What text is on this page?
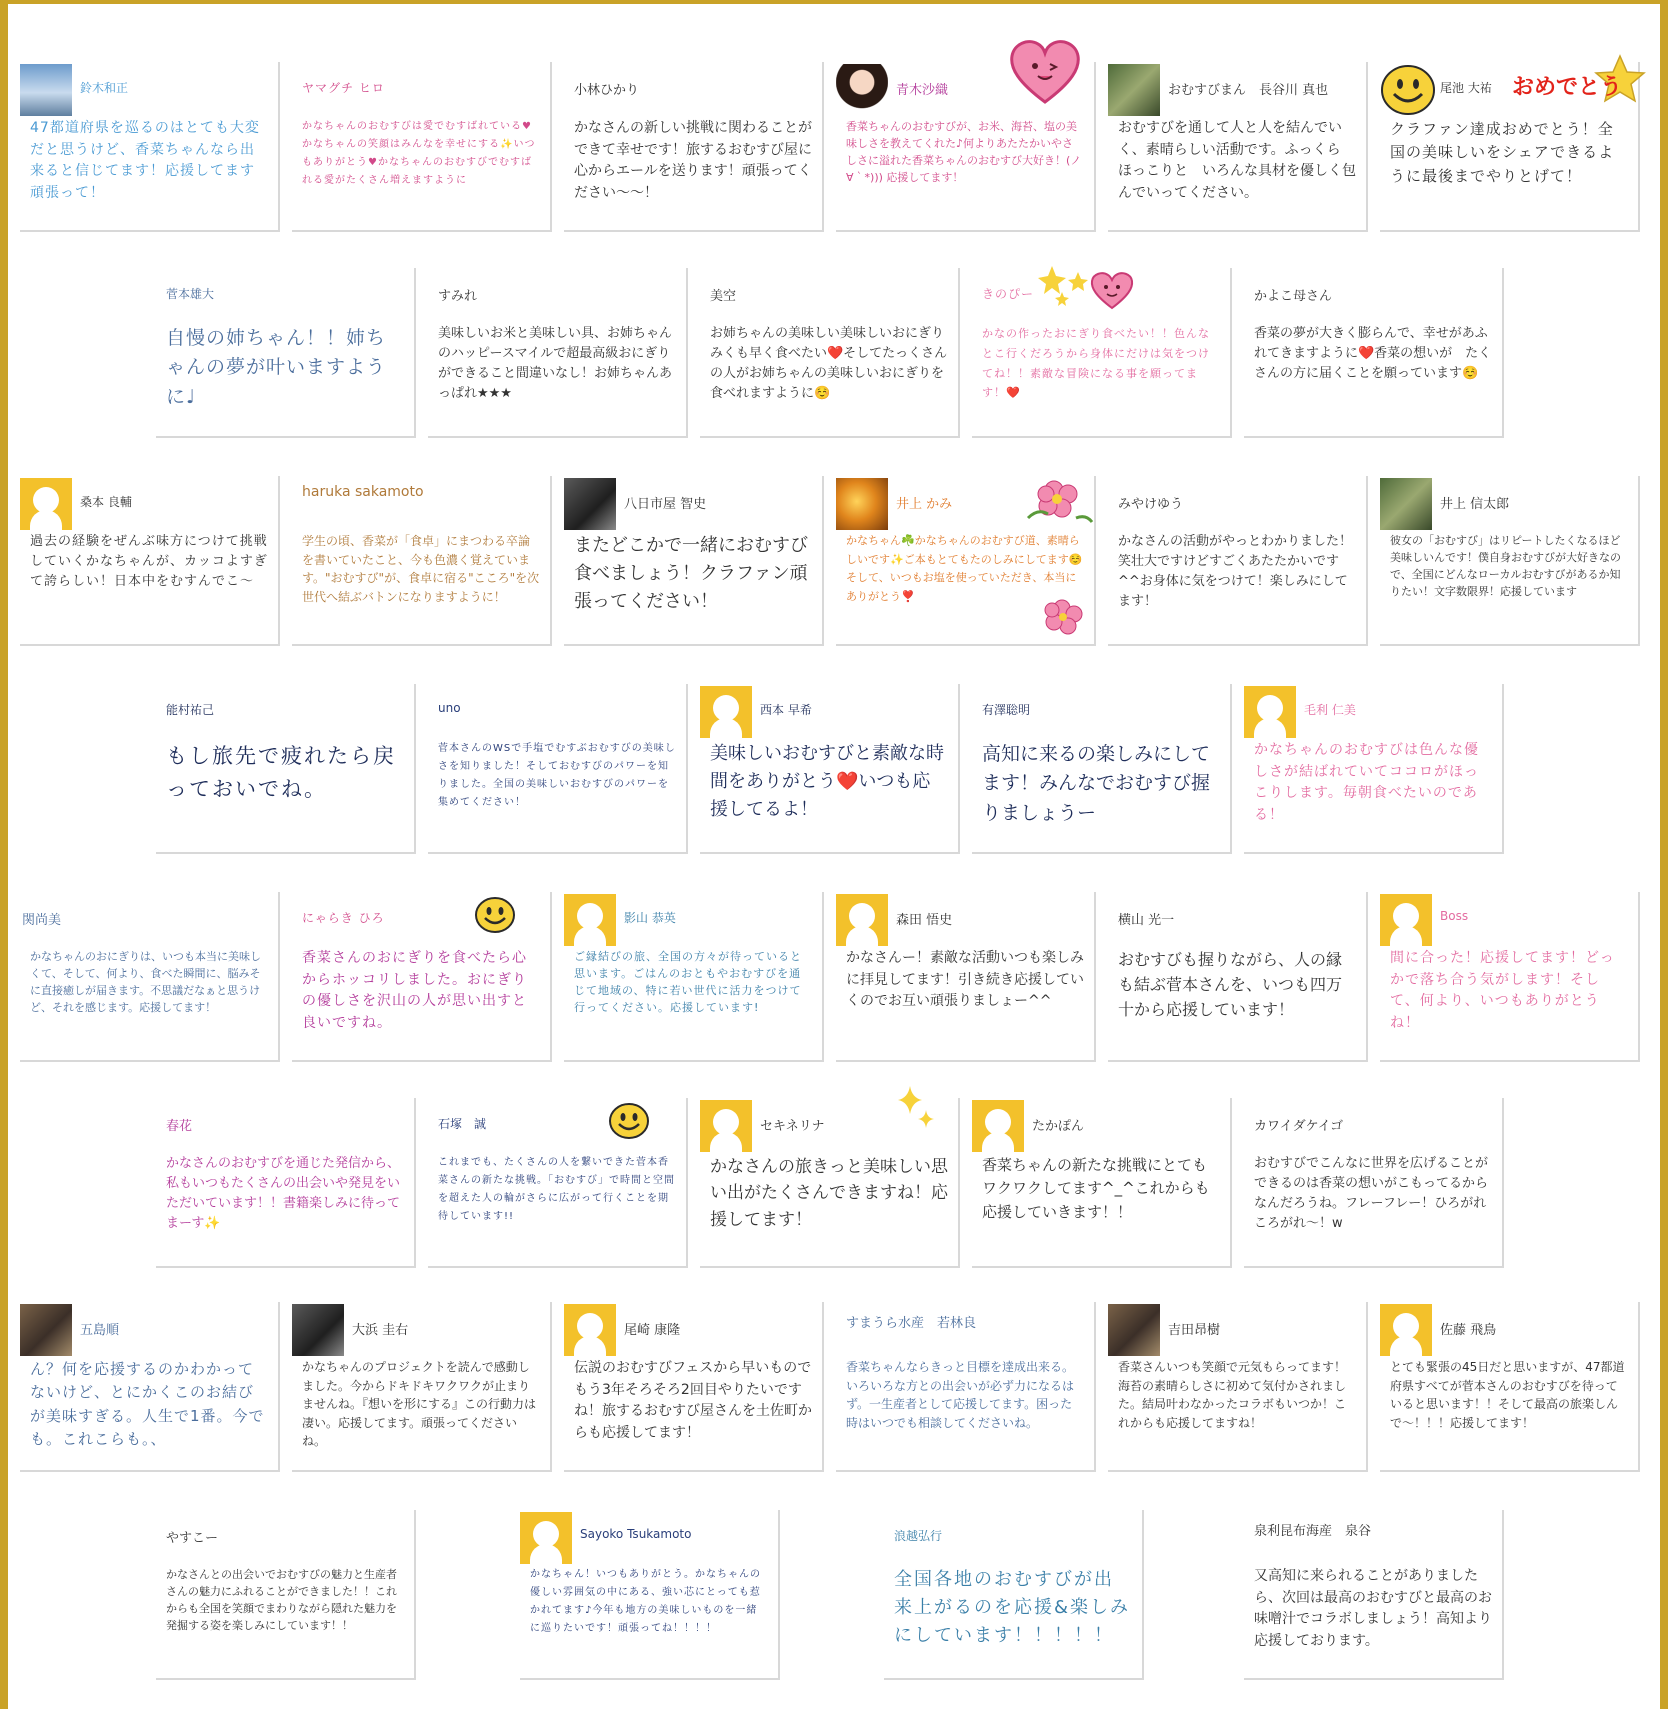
鈴木和正
47都道府県を巡るのはとても大変だと思うけど、香菜ちゃんなら出来ると信じてます！応援してます頑張って！
ヤマグチ ヒロ
かなちゃんのおむすびは愛でむすばれている♥かなちゃんの笑顔はみんなを幸せにする✨いつもありがとう♥かなちゃんのおむすびでむすばれる愛がたくさん増えますように
小林ひかり
かなさんの新しい挑戦に関わることができて幸せです！旅するおむすび屋に心からエールを送ります！頑張ってください〜〜！
青木沙織
香菜ちゃんのおむすびが、お米、海苔、塩の美味しさを教えてくれた♪何よりあたたかいやさしさに溢れた香菜ちゃんのおむすび大好き！(ノ∀｀*))) 応援してます！
おむすびまん　長谷川 真也
おむすびを通して人と人を結んでいく、素晴らしい活動です。ふっくら　ほっこりと　いろんな具材を優しく包んでいってください。
尾池 大祐 おめでとう
クラファン達成おめでとう！全国の美味しいをシェアできるように最後までやりとげて！
菅本雄大
自慢の姉ちゃん！！姉ちゃんの夢が叶いますように♩
すみれ
美味しいお米と美味しい具、お姉ちゃんのハッピースマイルで超最高級おにぎりができること間違いなし！お姉ちゃんあっぱれ★★★
美空
お姉ちゃんの美味しい美味しいおにぎりみくも早く食べたい❤️そしてたっくさんの人がお姉ちゃんの美味しいおにぎりを食べれますように☺️
きのぴー
かなの作ったおにぎり食べたい！！色んなとこ行くだろうから身体にだけは気をつけてね！！素敵な冒険になる事を願ってます！❤️
かよこ母さん
香菜の夢が大きく膨らんで、幸せがあふれてきますように❤️香菜の想いが　たくさんの方に届くことを願っています☺️
桑本 良輔
過去の経験をぜんぶ味方につけて挑戦していくかなちゃんが、カッコよすぎて誇らしい！日本中をむすんでこ〜
haruka sakamoto
学生の頃、香菜が「食卓」にまつわる卒論を書いていたこと、今も色濃く覚えています。"おむすび"が、食卓に宿る"こころ"を次世代へ結ぶバトンになりますように！
八日市屋 智史
またどこかで一緒におむすび食べましょう！クラファン頑張ってください！
井上 かみ
かなちゃん☘️かなちゃんのおむすび道、素晴らしいです✨ご本もとてもたのしみにしてます☺️そして、いつもお塩を使っていただき、本当にありがとう❣️
みやけゆう
かなさんの活動がやっとわかりました！笑壮大ですけどすごくあたたかいです^^お身体に気をつけて！楽しみにしてます！
井上 信太郎
彼女の「おむすび」はリピートしたくなるほど美味しいんです！僕自身おむすびが大好きなので、全国にどんなローカルおむすびがあるか知りたい！文字数限界！応援しています
能村祐己
もし旅先で疲れたら戻っておいでね。
uno
菅本さんのWSで手塩でむすぶおむすびの美味しさを知りました！そしておむすびのパワーを知りました。全国の美味しいおむすびのパワーを集めてください！
西本 早希
美味しいおむすびと素敵な時間をありがとう❤️いつも応援してるよ！
有澤聡明
高知に来るの楽しみにしてます！みんなでおむすび握りましょうー
毛利 仁美
かなちゃんのおむすびは色んな優しさが結ばれていてココロがほっこりします。毎朝食べたいのである！
関尚美
かなちゃんのおにぎりは、いつも本当に美味しくて、そして、何より、食べた瞬間に、脳みそに直接癒しが届きます。不思議だなぁと思うけど、それを感じます。応援してます！
にゃらき ひろ
香菜さんのおにぎりを食べたら心からホッコリしました。おにぎりの優しさを沢山の人が思い出すと良いですね。
影山 恭英
ご縁結びの旅、全国の方々が待っていると思います。ごはんのおともやおむすびを通じて地域の、特に若い世代に活力をつけて行ってください。応援しています!
森田 悟史
かなさんー！素敵な活動いつも楽しみに拝見してます！引き続き応援していくのでお互い頑張りましょー^^
横山 光一
おむすびも握りながら、人の縁も結ぶ菅本さんを、いつも四万十から応援しています！
Boss
間に合った！応援してます！どっかで落ち合う気がします！そして、何より、いつもありがとうね！
春花
かなさんのおむすびを通じた発信から、私もいつもたくさんの出会いや発見をいただいています！！書籍楽しみに待ってまーす✨
石塚　誠
これまでも、たくさんの人を繋いできた菅本香菜さんの新たな挑戦。「おむすび」で時間と空間を超えた人の輪がさらに広がって行くことを期待しています!!
セキネリナ
かなさんの旅きっと美味しい思い出がたくさんできますね！応援してます！
たかぽん
香菜ちゃんの新たな挑戦にとてもワクワクしてます^_^これからも応援していきます！！
カワイダケイゴ
おむすびでこんなに世界を広げることができるのは香菜の想いがこもってるからなんだろうね。フレーフレー！ひろがれころがれ〜！w
五島順
ん？何を応援するのかわかってないけど、とにかくこのお結びが美味すぎる。人生で1番。今でも。これこらも。、
大浜 圭右
かなちゃんのプロジェクトを読んで感動しました。今からドキドキワクワクが止まりませんね。『想いを形にする』この行動力は凄い。応援してます。頑張ってくださいね。
尾崎 康隆
伝説のおむすびフェスから早いものでもう3年そろそろ2回目やりたいですね！旅するおむすび屋さんを土佐町からも応援してます！
すまうら水産　若林良
香菜ちゃんならきっと目標を達成出来る。いろいろな方との出会いが必ず力になるはず。一生産者として応援してます。困った時はいつでも相談してくださいね。
吉田昂樹
香菜さんいつも笑顔で元気もらってます！海苔の素晴らしさに初めて気付かされました。結局叶わなかったコラボもいつか！これからも応援してますね！
佐藤 飛鳥
とても緊張の45日だと思いますが、47都道府県すべてが菅本さんのおむすびを待っていると思います！！そして最高の旅楽しんで〜！！！応援してます！
やすこー
かなさんとの出会いでおむすびの魅力と生産者さんの魅力にふれることができました！！これからも全国を笑顔でまわりながら隠れた魅力を発掘する姿を楽しみにしています！！
Sayoko Tsukamoto
かなちゃん！いつもありがとう。かなちゃんの優しい雰囲気の中にある、強い芯にとっても惹かれてます♪今年も地方の美味しいものを一緒に巡りたいです！頑張ってね！！！！
浪越弘行
全国各地のおむすびが出来上がるのを応援&楽しみにしています！！！！！
泉利昆布海産　泉谷
又高知に来られることがありましたら、次回は最高のおむすびと最高のお味噌汁でコラボしましょう！高知より応援しております。
